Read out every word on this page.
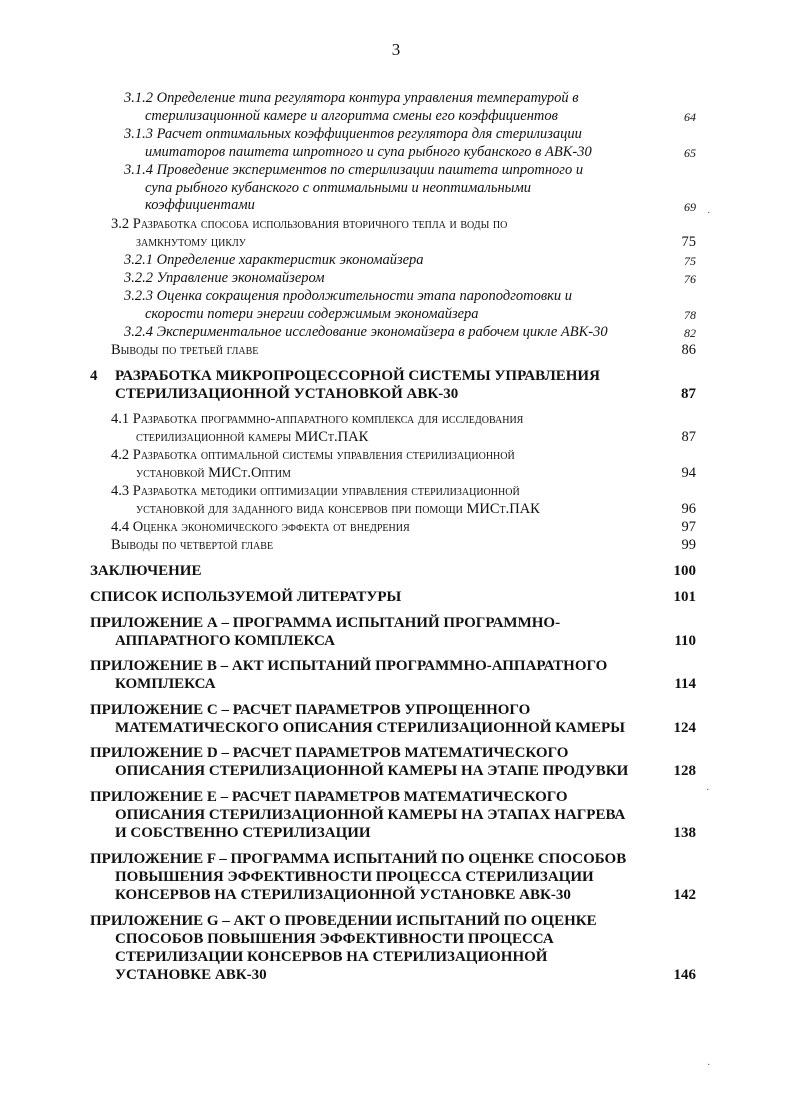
3
3.1.2 Определение типа регулятора контура управления температурой в
стерилизационной камере и алгоритма смены его коэффициентов	64
3.1.3 Расчет оптимальных коэффициентов регулятора для стерилизации
имитаторов паштета шпротного и супа рыбного кубанского в АВК-30	65
3.1.4 Проведение экспериментов по стерилизации паштета шпротного и
супа рыбного кубанского с оптимальными и неоптимальными
коэффициентами	69
3.2 Разработка способа использования вторичного тепла и воды по
замкнутому циклу	75
3.2.1 Определение характеристик экономайзера	75
3.2.2 Управление экономайзером	76
3.2.3 Оценка сокращения продолжительности этапа пароподготовки и
скорости потери энергии содержимым экономайзера	78
3.2.4 Экспериментальное исследование экономайзера в рабочем цикле АВК-30	82
Выводы по третьей главе	86
4 РАЗРАБОТКА МИКРОПРОЦЕССОРНОЙ СИСТЕМЫ УПРАВЛЕНИЯ
СТЕРИЛИЗАЦИОННОЙ УСТАНОВКОЙ АВК-30	87
4.1 Разработка программно-аппаратного комплекса для исследования
стерилизационной камеры МИСт.ПАК	87
4.2 Разработка оптимальной системы управления стерилизационной
установкой МИСт.Оптим	94
4.3 Разработка методики оптимизации управления стерилизационной
установкой для заданного вида консервов при помощи МИСт.ПАК	96
4.4 Оценка экономического эффекта от внедрения	97
Выводы по четвертой главе	99
ЗАКЛЮЧЕНИЕ	100
СПИСОК ИСПОЛЬЗУЕМОЙ ЛИТЕРАТУРЫ	101
ПРИЛОЖЕНИЕ А – ПРОГРАММА ИСПЫТАНИЙ ПРОГРАММНО-
АППАРАТНОГО КОМПЛЕКСА	110
ПРИЛОЖЕНИЕ B – АКТ ИСПЫТАНИЙ ПРОГРАММНО-АППАРАТНОГО
КОМПЛЕКСА	114
ПРИЛОЖЕНИЕ C – РАСЧЕТ ПАРАМЕТРОВ УПРОЩЕННОГО
МАТЕМАТИЧЕСКОГО ОПИСАНИЯ СТЕРИЛИЗАЦИОННОЙ КАМЕРЫ	124
ПРИЛОЖЕНИЕ D – РАСЧЕТ ПАРАМЕТРОВ МАТЕМАТИЧЕСКОГО
ОПИСАНИЯ СТЕРИЛИЗАЦИОННОЙ КАМЕРЫ НА ЭТАПЕ ПРОДУВКИ	128
ПРИЛОЖЕНИЕ E – РАСЧЕТ ПАРАМЕТРОВ МАТЕМАТИЧЕСКОГО
ОПИСАНИЯ СТЕРИЛИЗАЦИОННОЙ КАМЕРЫ НА ЭТАПАХ НАГРЕВА
И СОБСТВЕННО СТЕРИЛИЗАЦИИ	138
ПРИЛОЖЕНИЕ F – ПРОГРАММА ИСПЫТАНИЙ ПО ОЦЕНКЕ СПОСОБОВ
ПОВЫШЕНИЯ ЭФФЕКТИВНОСТИ ПРОЦЕССА СТЕРИЛИЗАЦИИ
КОНСЕРВОВ НА СТЕРИЛИЗАЦИОННОЙ УСТАНОВКЕ АВК-30	142
ПРИЛОЖЕНИЕ G – АКТ О ПРОВЕДЕНИИ ИСПЫТАНИЙ ПО ОЦЕНКЕ
СПОСОБОВ ПОВЫШЕНИЯ ЭФФЕКТИВНОСТИ ПРОЦЕССА
СТЕРИЛИЗАЦИИ КОНСЕРВОВ НА СТЕРИЛИЗАЦИОННОЙ
УСТАНОВКЕ АВК-30	146
·
·
·
